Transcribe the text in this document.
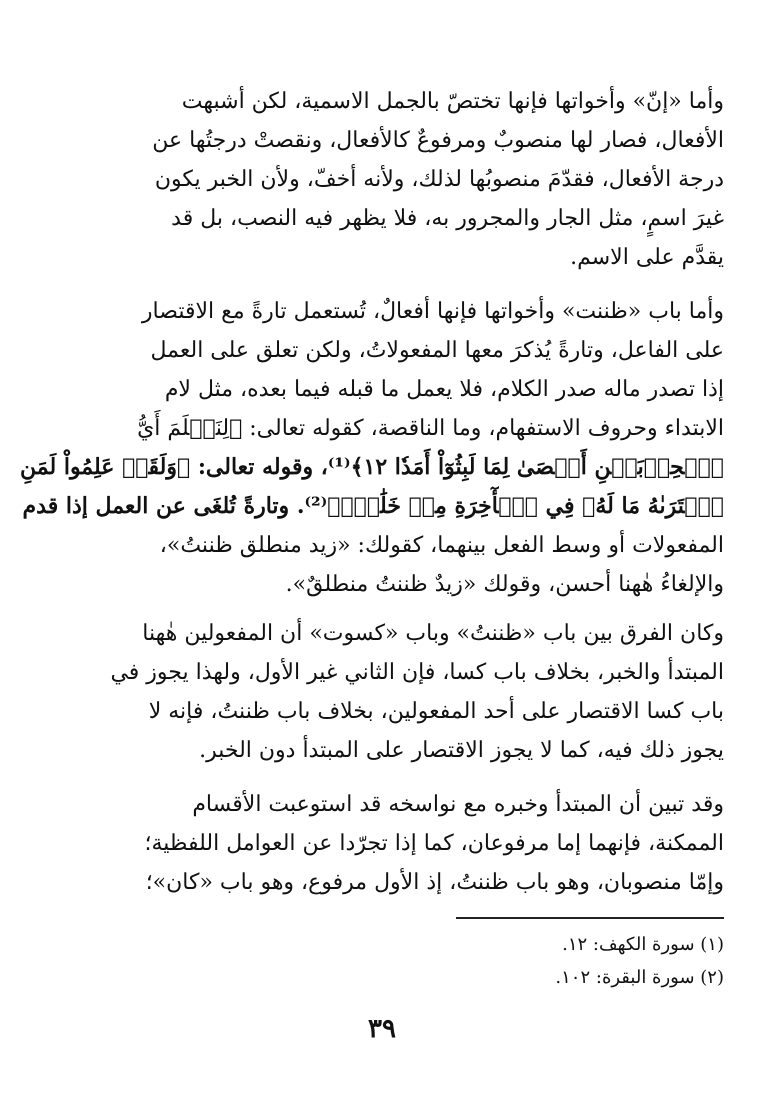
وأما «إنّ» وأخواتها فإنها تختصّ بالجمل الاسمية، لكن أشبهت
الأفعال، فصار لها منصوبٌ ومرفوعٌ كالأفعال، ونقصتْ درجتُها عن
درجة الأفعال، فقدّمَ منصوبُها لذلك، ولأنه أخفّ، ولأن الخبر يكون
غيرَ اسمٍ، مثل الجار والمجرور به، فلا يظهر فيه النصب، بل قد
يقدَّم على الاسم.
وأما باب «ظننت» وأخواتها فإنها أفعالٌ، تُستعمل تارةً مع الاقتصار
على الفاعل، وتارةً يُذكرَ معها المفعولاتُ، ولكن تعلق على العمل
إذا تصدر ماله صدر الكلام، فلا يعمل ما قبله فيما بعده، مثل لام
الابتداء وحروف الاستفهام، وما الناقصة، كقوله تعالى: ﴿لِنَعۡلَمَ أَيُّ
ٱلۡحِزۡبَيۡنِ أَحۡصَىٰ لِمَا لَبِثُوٓاْ أَمَدٗا ١٢﴾⁽¹⁾، وقوله تعالى: ﴿وَلَقَدۡ عَلِمُواْ لَمَنِ
ٱشۡتَرَىٰهُ مَا لَهُۥ فِي ٱلۡأٓخِرَةِ مِنۡ خَلَٰقٖۚ﴾⁽²⁾. وتارةً تُلغَى عن العمل إذا قدم
المفعولات أو وسط الفعل بينهما، كقولك: «زيد منطلق ظننتُ»،
والإلغاءُ هٰهنا أحسن، وقولك «زيدٌ ظننتُ منطلقٌ».
وكان الفرق بين باب «ظننتُ» وباب «كسوت» أن المفعولين هٰهنا
المبتدأ والخبر، بخلاف باب كسا، فإن الثاني غير الأول، ولهذا يجوز في
باب كسا الاقتصار على أحد المفعولين، بخلاف باب ظننتُ، فإنه لا
يجوز ذلك فيه، كما لا يجوز الاقتصار على المبتدأ دون الخبر.
وقد تبين أن المبتدأ وخبره مع نواسخه قد استوعبت الأقسام
الممكنة، فإنهما إما مرفوعان، كما إذا تجرّدا عن العوامل اللفظية؛
وإمّا منصوبان، وهو باب ظننتُ، إذ الأول مرفوع، وهو باب «كان»؛
(١) سورة الكهف: ١٢.
(٢) سورة البقرة: ١٠٢.
٣٩
